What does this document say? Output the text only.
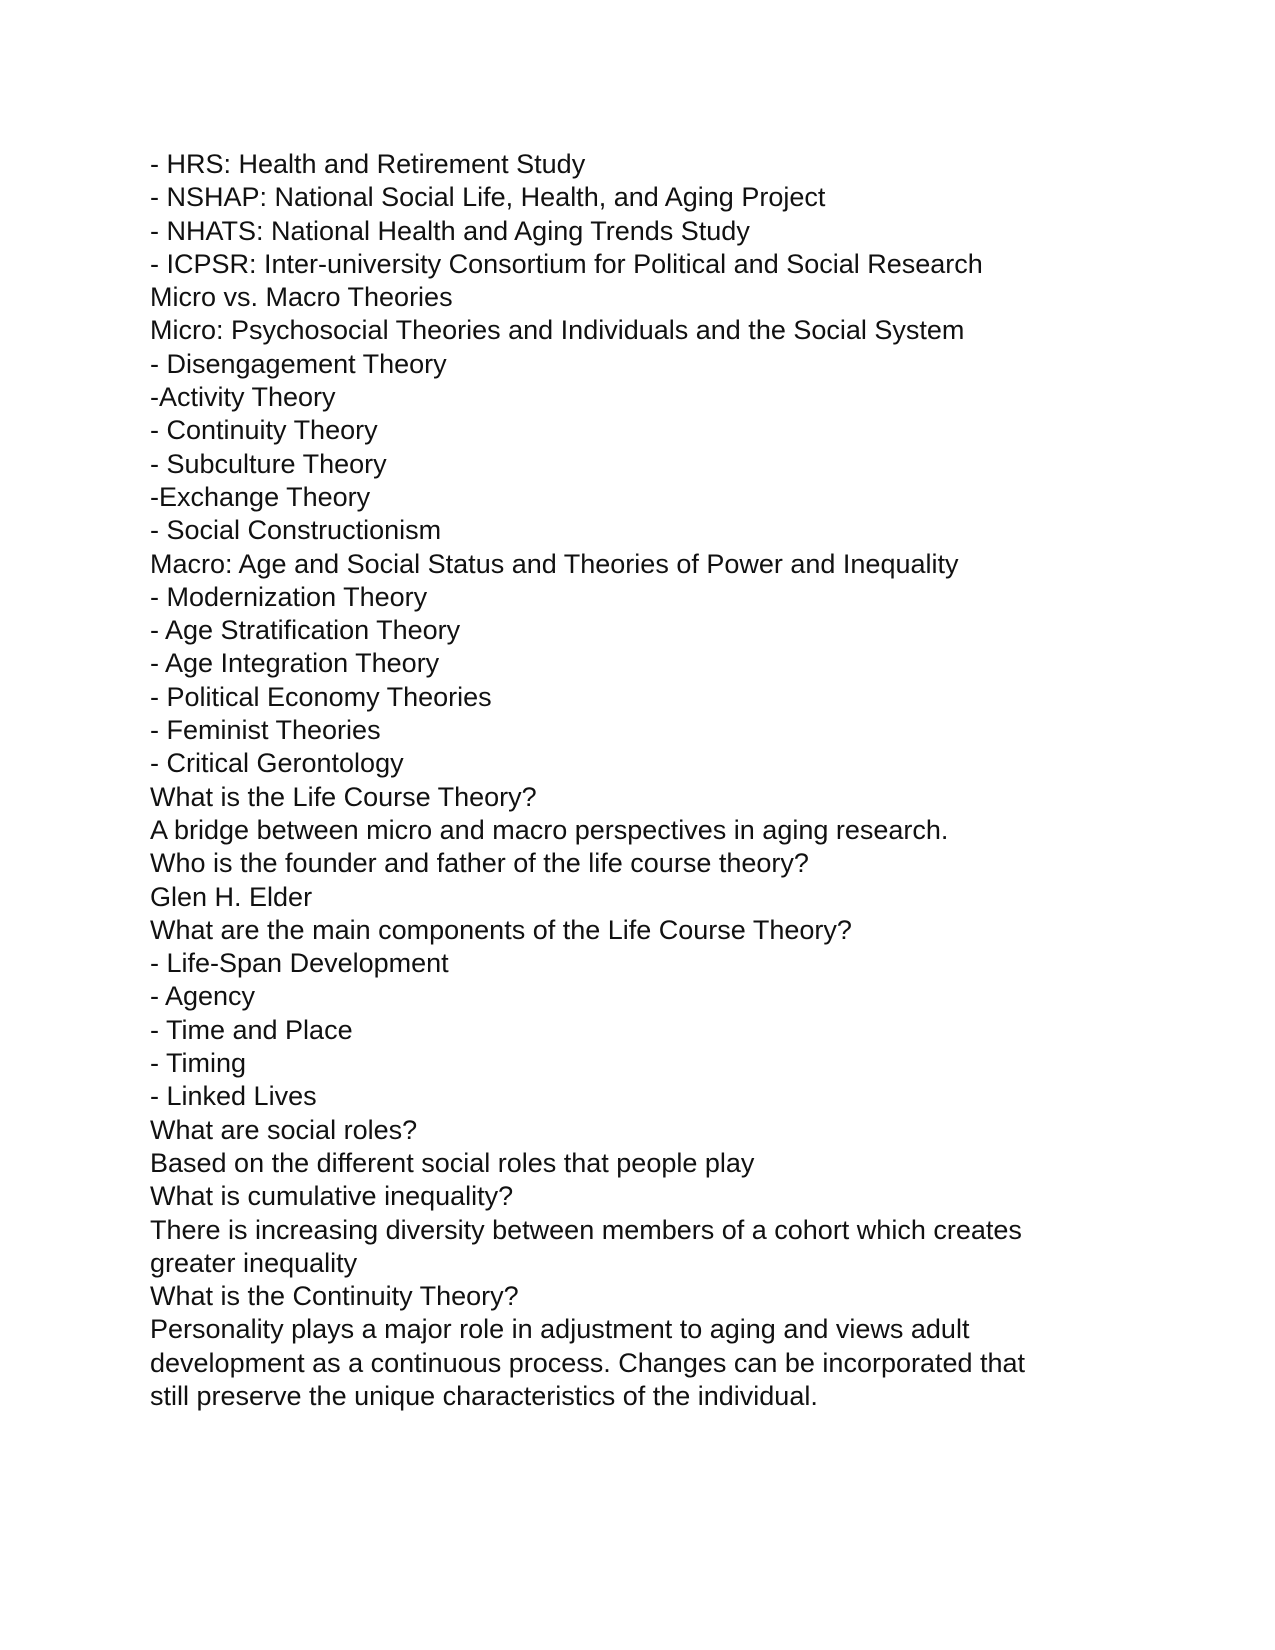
- HRS: Health and Retirement Study
- NSHAP: National Social Life, Health, and Aging Project
- NHATS: National Health and Aging Trends Study
- ICPSR: Inter-university Consortium for Political and Social Research
Micro vs. Macro Theories
Micro: Psychosocial Theories and Individuals and the Social System
- Disengagement Theory
-Activity Theory
- Continuity Theory
- Subculture Theory
-Exchange Theory
- Social Constructionism
Macro: Age and Social Status and Theories of Power and Inequality
- Modernization Theory
- Age Stratification Theory
- Age Integration Theory
- Political Economy Theories
- Feminist Theories
- Critical Gerontology
What is the Life Course Theory?
A bridge between micro and macro perspectives in aging research.
Who is the founder and father of the life course theory?
Glen H. Elder
What are the main components of the Life Course Theory?
- Life-Span Development
- Agency
- Time and Place
- Timing
- Linked Lives
What are social roles?
Based on the different social roles that people play
What is cumulative inequality?
There is increasing diversity between members of a cohort which creates
greater inequality
What is the Continuity Theory?
Personality plays a major role in adjustment to aging and views adult
development as a continuous process. Changes can be incorporated that
still preserve the unique characteristics of the individual.
